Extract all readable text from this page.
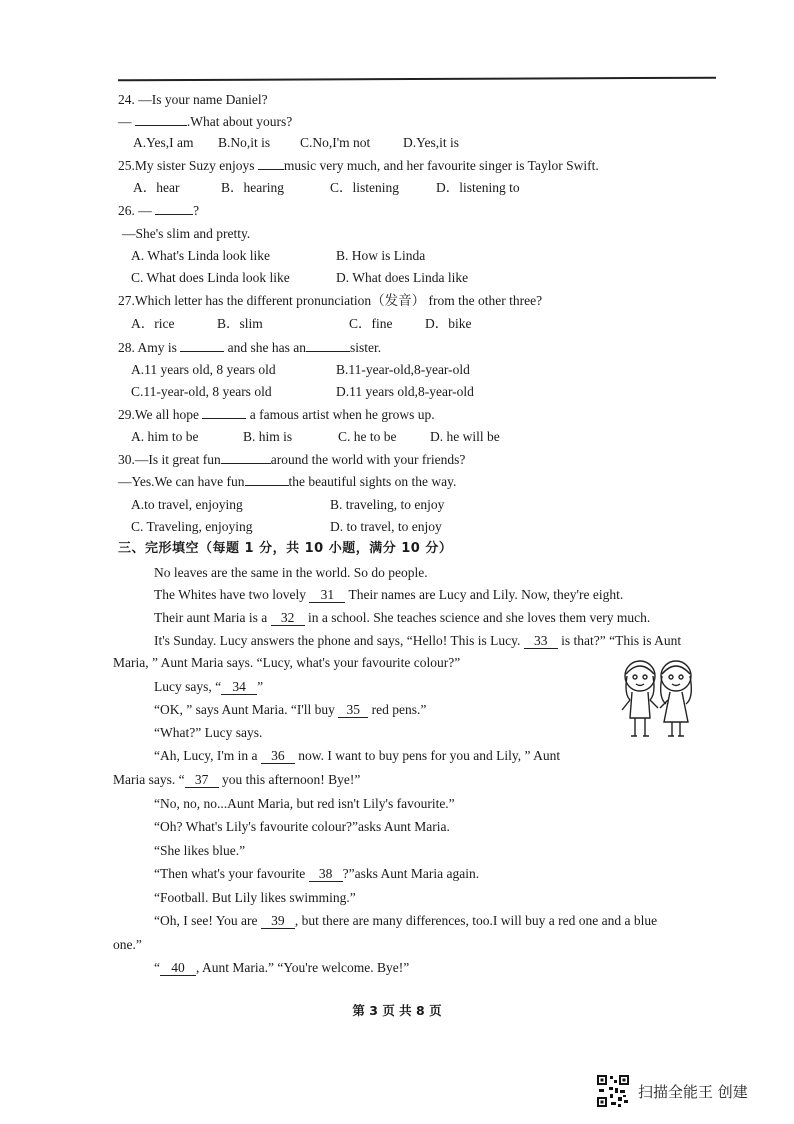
24. —Is your name Daniel?
—	.What about yours?
A.Yes,I am B.No,it is C.No,I'm not D.Yes,it is
25.My sister Suzy enjoys music very much, and her favourite singer is Taylor Swift.
A．hear	B．hearing	C．listening	D．listening to
26. —	?
—She's slim and pretty.
A. What's Linda look like	B. How is Linda
C. What does Linda look like	D. What does Linda like
27.Which letter has the different pronunciation（发音） from the other three?
A．rice	B．slim	C．fine D．bike
28. Amy is	and she has an	sister.
A.11 years old, 8 years old	B.11-year-old,8-year-old
C.11-year-old, 8 years old	D.11 years old,8-year-old
29.We all hope	a famous artist when he grows up.
A. him to be	B. him is	C. he to be D. he will be
30.—Is it great fun	around the world with your friends?
—Yes.We can have fun	the beautiful sights on the way.
A.to travel, enjoying	B. traveling, to enjoy
C. Traveling, enjoying	D. to travel, to enjoy
三、完形填空（每题 1 分，共 10 小题，满分 10 分）
No leaves are the same in the world. So do people.
The Whites have two lovely 31 Their names are Lucy and Lily. Now, they're eight.
Their aunt Maria is a 32 in a school. She teaches science and she loves them very much.
It's Sunday. Lucy answers the phone and says, “Hello! This is Lucy. 33 is that?” “This is Aunt
Maria, ” Aunt Maria says. “Lucy, what's your favourite colour?”
Lucy says, “ 34 ”
“OK, ” says Aunt Maria. “I'll buy 35 red pens.”
“What?” Lucy says.
“Ah, Lucy, I'm in a 36 now. I want to buy pens for you and Lily, ” Aunt
Maria says. “ 37 you this afternoon! Bye!”
“No, no, no...Aunt Maria, but red isn't Lily's favourite.”
“Oh? What's Lily's favourite colour?”asks Aunt Maria.
“She likes blue.”
“Then what's your favourite 38 ?”asks Aunt Maria again.
“Football. But Lily likes swimming.”
“Oh, I see! You are 39 , but there are many differences, too.I will buy a red one and a blue
one.”
“ 40 , Aunt Maria.” “You're welcome. Bye!”
第 3 页 共 8 页
扫描全能王 创建
